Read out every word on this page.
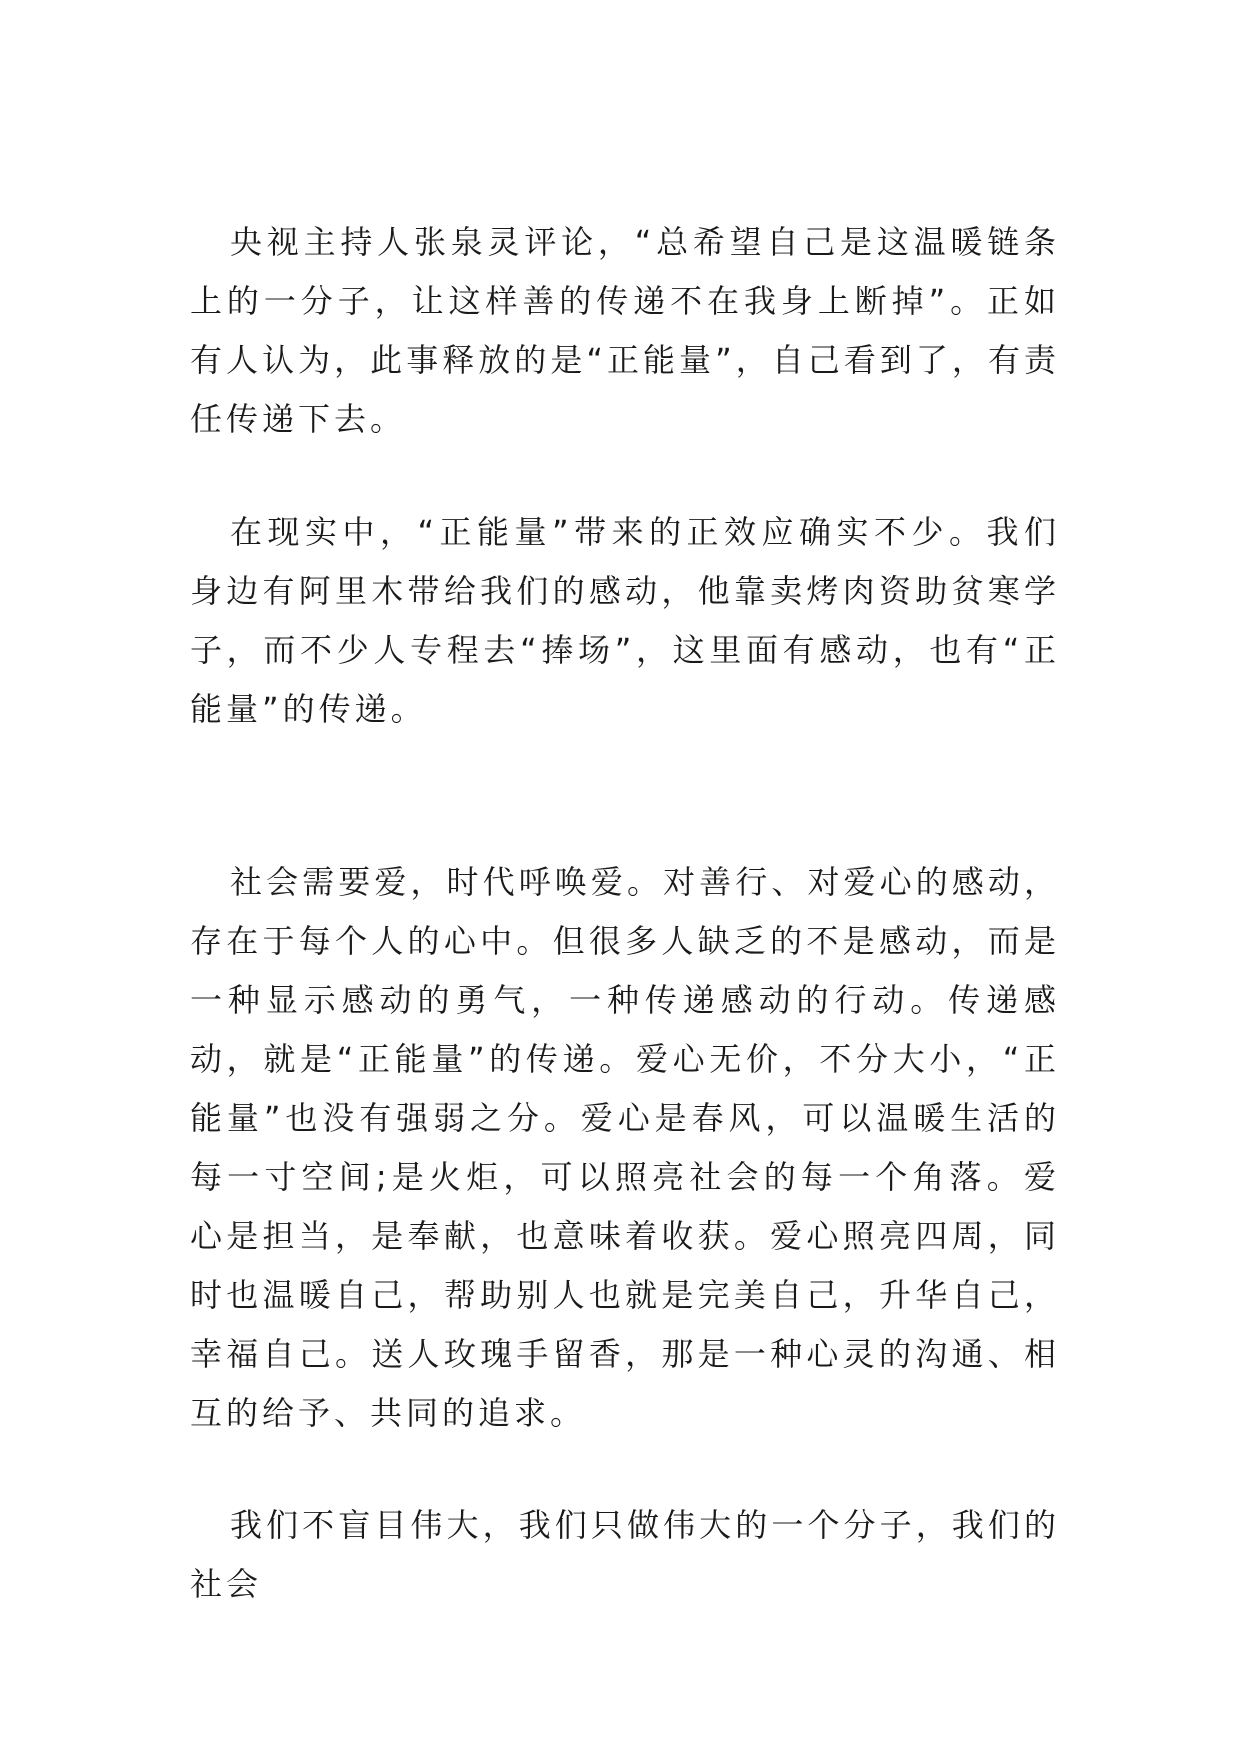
央视主持人张泉灵评论，“总希望自己是这温暖链条上的一分子，让这样善的传递不在我身上断掉”。正如有人认为，此事释放的是“正能量”，自己看到了，有责任传递下去。

在现实中，“正能量”带来的正效应确实不少。我们身边有阿里木带给我们的感动，他靠卖烤肉资助贫寒学子，而不少人专程去“捧场”，这里面有感动，也有“正能量”的传递。

社会需要爱，时代呼唤爱。对善行、对爱心的感动，存在于每个人的心中。但很多人缺乏的不是感动，而是一种显示感动的勇气，一种传递感动的行动。传递感动，就是“正能量”的传递。爱心无价，不分大小，“正能量”也没有强弱之分。爱心是春风，可以温暖生活的每一寸空间;是火炬，可以照亮社会的每一个角落。爱心是担当，是奉献，也意味着收获。爱心照亮四周，同时也温暖自己，帮助别人也就是完美自己，升华自己，幸福自己。送人玫瑰手留香，那是一种心灵的沟通、相互的给予、共同的追求。

我们不盲目伟大，我们只做伟大的一个分子，我们的社会
